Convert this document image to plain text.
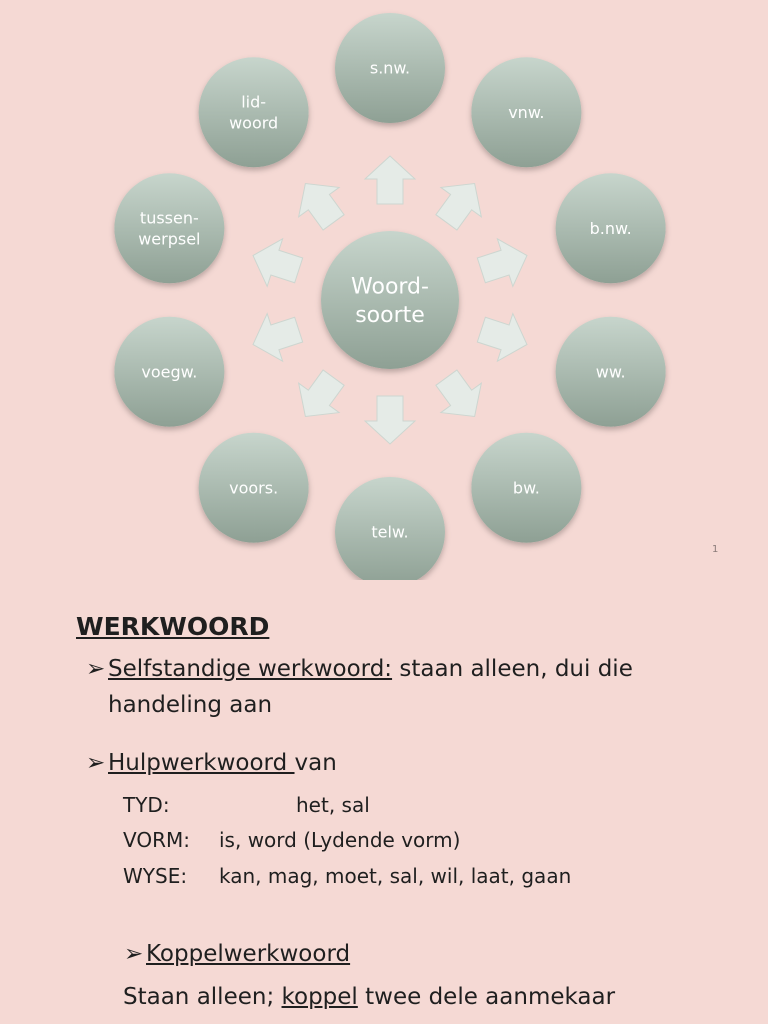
s.nw.
vnw.
b.nw.
ww.
bw.
telw.
voors.
voegw.
tussen-werpsel
lid-woord
Woord-soorte
1
WERKWOORD
➢ Selfstandige werkwoord: staan alleen, dui die
handeling aan
➢ Hulpwerkwoord van
TYD:	het, sal
VORM: is, word (Lydende vorm)
WYSE: kan, mag, moet, sal, wil, laat, gaan
➢ Koppelwerkwoord
Staan alleen; koppel twee dele aanmekaar
